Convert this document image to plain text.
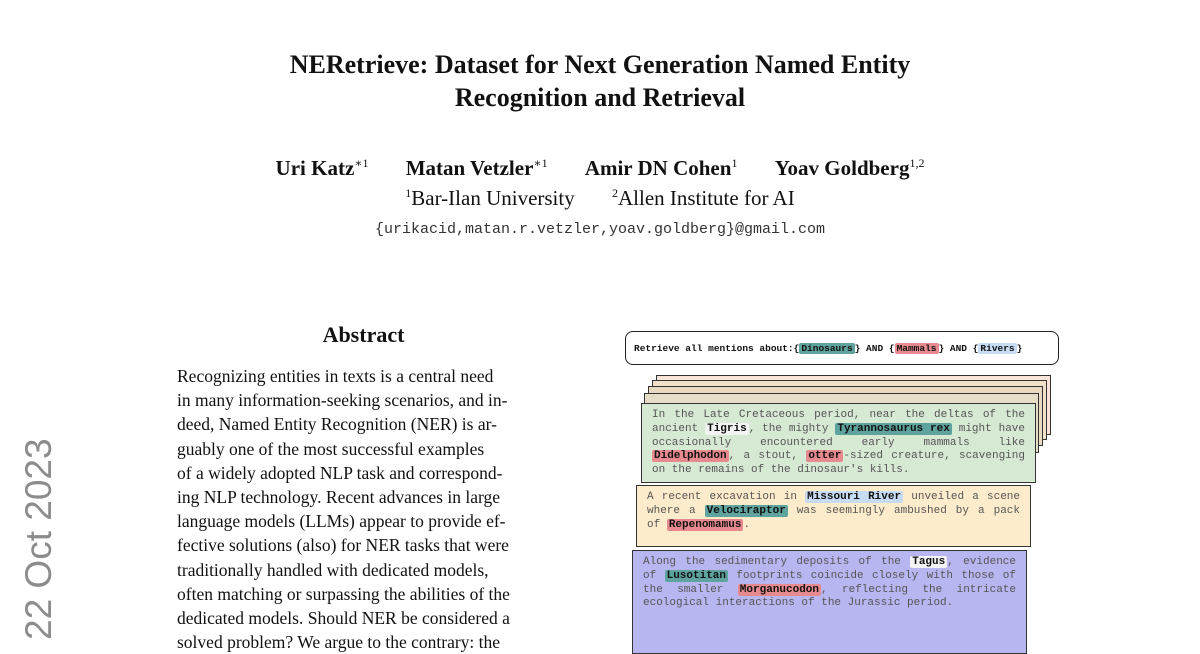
NERetrieve: Dataset for Next Generation Named Entity
Recognition and Retrieval
Uri Katz$^{∗1}$ Matan Vetzler$^{∗1}$ Amir DN Cohen$^1$ Yoav Goldberg$^{1,2}$
$^1$Bar-Ilan University	$^2$Allen Institute for AI
{urikacid,matan.r.vetzler,yoav.goldberg}@gmail.com
22 Oct 2023
Abstract
Recognizing entities in texts is a central need
in many information-seeking scenarios, and in-
deed, Named Entity Recognition (NER) is ar-
guably one of the most successful examples
of a widely adopted NLP task and correspond-
ing NLP technology. Recent advances in large
language models (LLMs) appear to provide ef-
fective solutions (also) for NER tasks that were
traditionally handled with dedicated models,
often matching or surpassing the abilities of the
dedicated models. Should NER be considered a
solved problem? We argue to the contrary: the
Retrieve all mentions about: { Dinosaurs } AND { Mammals } AND { Rivers }
In the Late Cretaceous period, near the deltas of the ancient Tigris , the mighty Tyrannosaurus rex might have occasionally encountered early mammals like Didelphodon , a stout, otter -sized creature, scavenging on the remains of the dinosaur's kills.
A recent excavation in Missouri River unveiled a scene where a Velociraptor was seemingly ambushed by a pack of Repenomamus .
Along the sedimentary deposits of the Tagus , evidence of Lusotitan footprints coincide closely with those of the smaller Morganucodon , reflecting the intricate ecological interactions of the Jurassic period.
